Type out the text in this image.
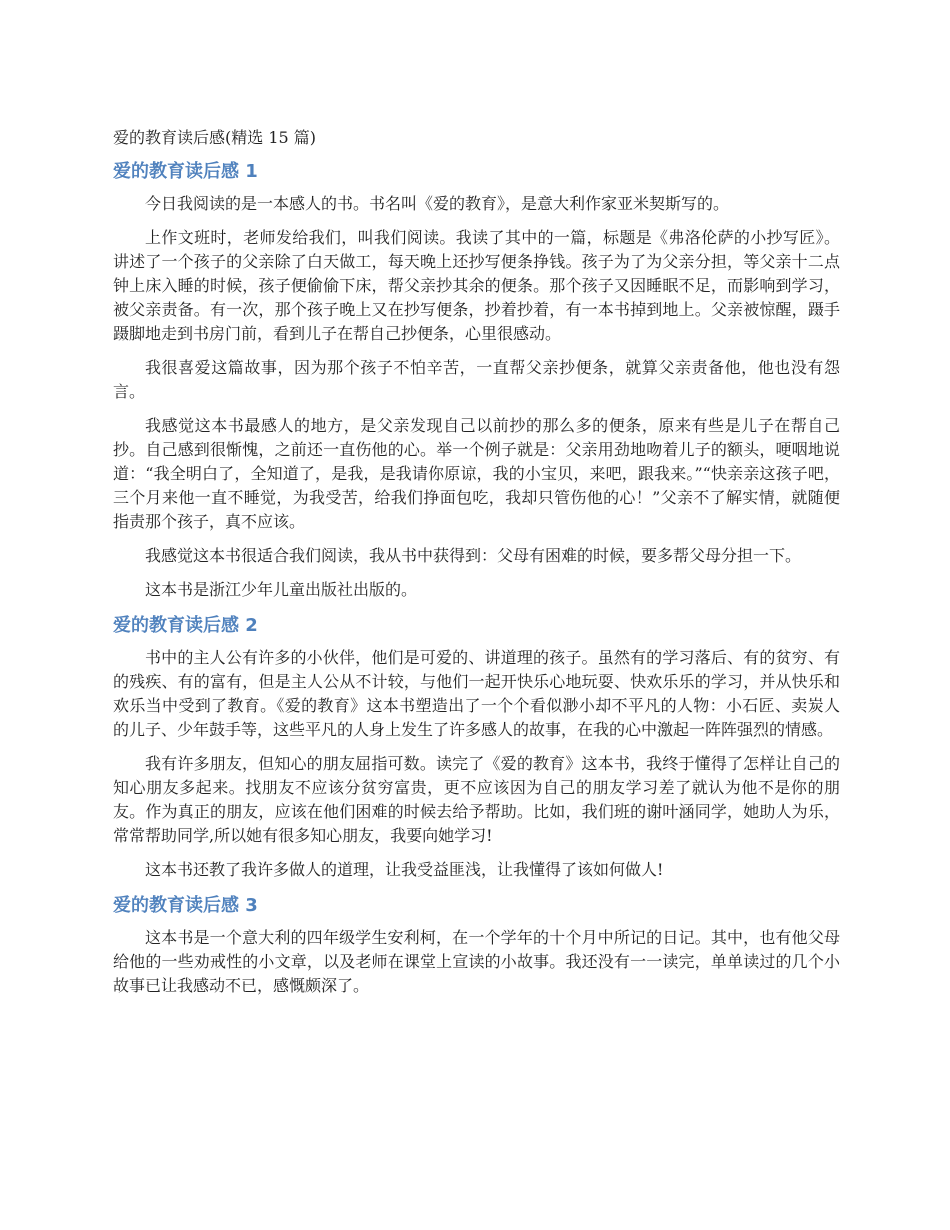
爱的教育读后感(精选 15 篇)
爱的教育读后感 1

今日我阅读的是一本感人的书。书名叫《爱的教育》，是意大利作家亚米契斯写的。

上作文班时，老师发给我们，叫我们阅读。我读了其中的一篇，标题是《弗洛伦萨的小抄写匠》。讲述了一个孩子的父亲除了白天做工，每天晚上还抄写便条挣钱。孩子为了为父亲分担，等父亲十二点钟上床入睡的时候，孩子便偷偷下床，帮父亲抄其余的便条。那个孩子又因睡眠不足，而影响到学习，被父亲责备。有一次，那个孩子晚上又在抄写便条，抄着抄着，有一本书掉到地上。父亲被惊醒，蹑手蹑脚地走到书房门前，看到儿子在帮自己抄便条，心里很感动。

我很喜爱这篇故事，因为那个孩子不怕辛苦，一直帮父亲抄便条，就算父亲责备他，他也没有怨言。

我感觉这本书最感人的地方，是父亲发现自己以前抄的那么多的便条，原来有些是儿子在帮自己抄。自己感到很惭愧，之前还一直伤他的心。举一个例子就是：父亲用劲地吻着儿子的额头，哽咽地说道：“我全明白了，全知道了，是我，是我请你原谅，我的小宝贝，来吧，跟我来。”“快亲亲这孩子吧，三个月来他一直不睡觉，为我受苦，给我们挣面包吃，我却只管伤他的心！”父亲不了解实情，就随便指责那个孩子，真不应该。

我感觉这本书很适合我们阅读，我从书中获得到：父母有困难的时候，要多帮父母分担一下。

这本书是浙江少年儿童出版社出版的。

爱的教育读后感 2

书中的主人公有许多的小伙伴，他们是可爱的、讲道理的孩子。虽然有的学习落后、有的贫穷、有的残疾、有的富有，但是主人公从不计较，与他们一起开快乐心地玩耍、快欢乐乐的学习，并从快乐和欢乐当中受到了教育。《爱的教育》这本书塑造出了一个个看似渺小却不平凡的人物：小石匠、卖炭人的儿子、少年鼓手等，这些平凡的人身上发生了许多感人的故事，在我的心中激起一阵阵强烈的情感。

我有许多朋友，但知心的朋友屈指可数。读完了《爱的教育》这本书，我终于懂得了怎样让自己的知心朋友多起来。找朋友不应该分贫穷富贵，更不应该因为自己的朋友学习差了就认为他不是你的朋友。作为真正的朋友，应该在他们困难的时候去给予帮助。比如，我们班的谢叶涵同学，她助人为乐，常常帮助同学,所以她有很多知心朋友，我要向她学习!

这本书还教了我许多做人的道理，让我受益匪浅，让我懂得了该如何做人!

爱的教育读后感 3

这本书是一个意大利的四年级学生安利柯，在一个学年的十个月中所记的日记。其中，也有他父母给他的一些劝戒性的小文章，以及老师在课堂上宣读的小故事。我还没有一一读完，单单读过的几个小故事已让我感动不已，感慨颇深了。
